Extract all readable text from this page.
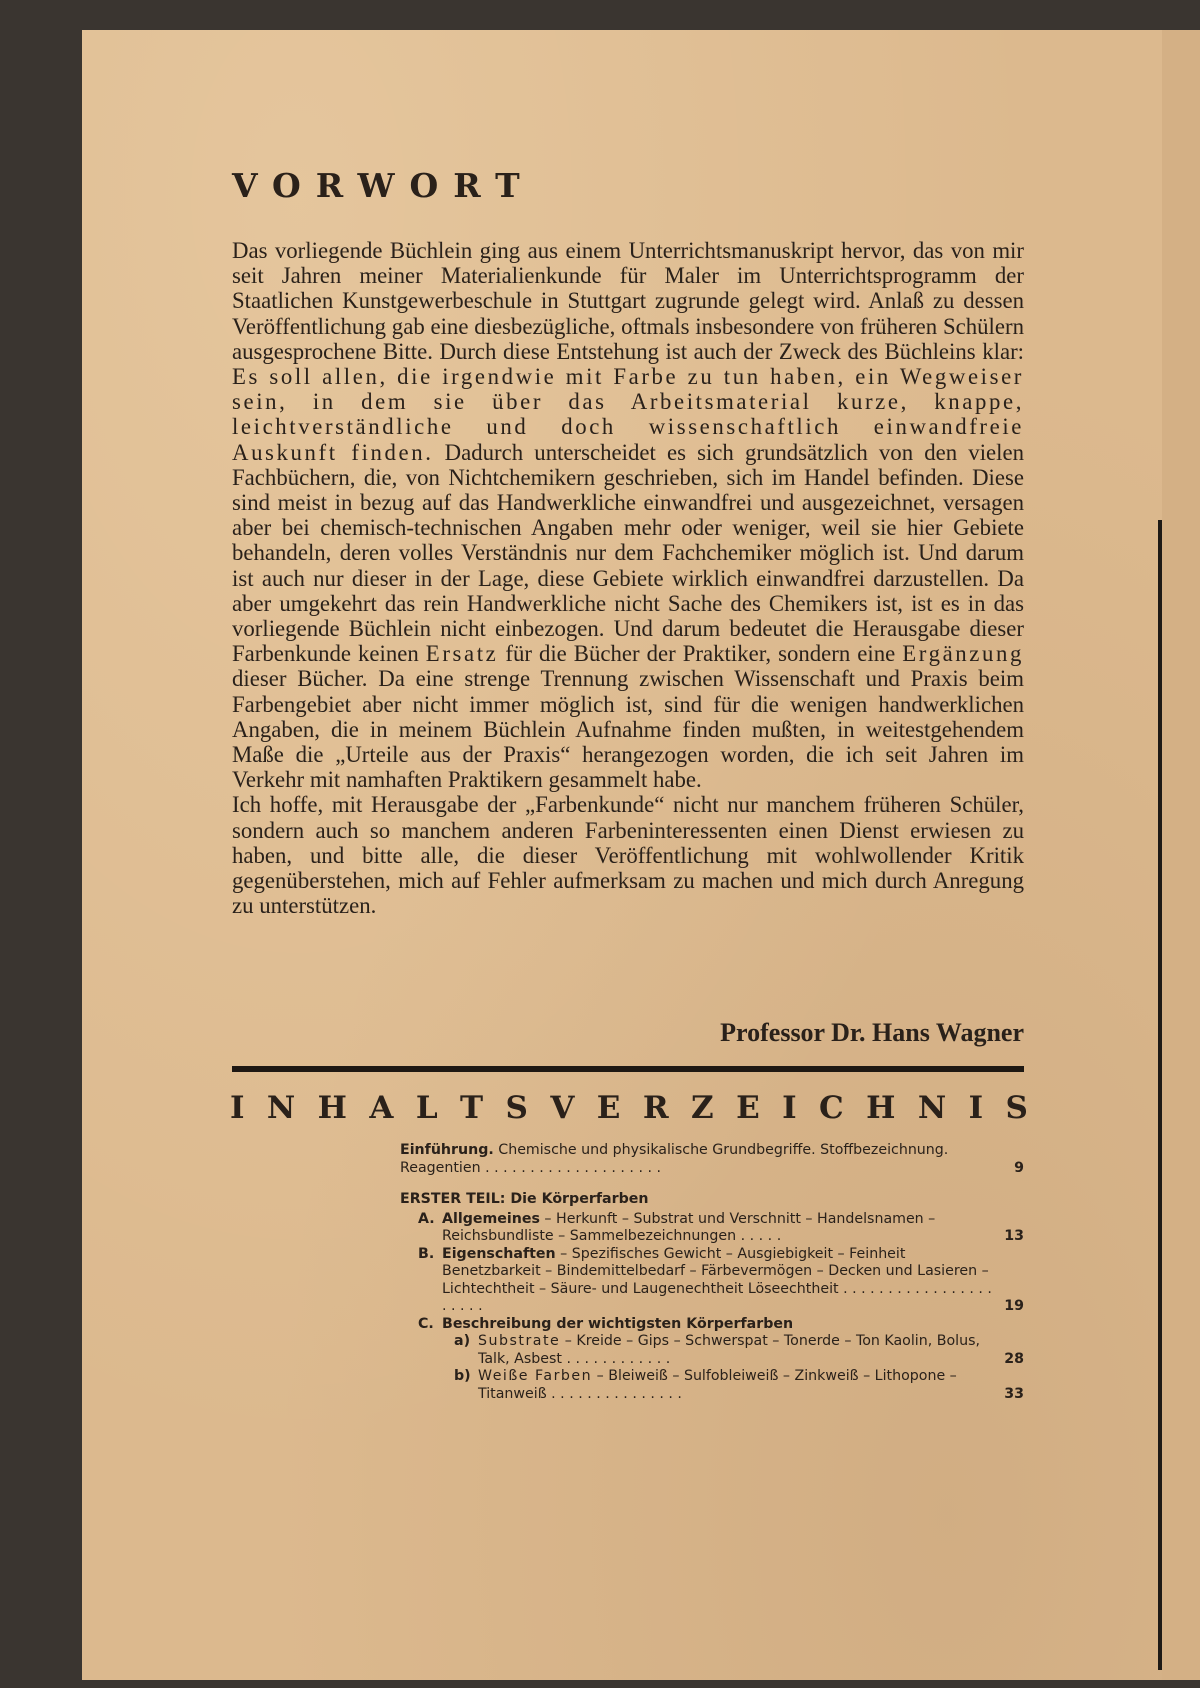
VORWORT

Das vorliegende Büchlein ging aus einem Unterrichtsmanuskript hervor, das von mir seit Jahren meiner Materialienkunde für Maler im Unterrichtsprogramm der Staatlichen Kunstgewerbeschule in Stuttgart zugrunde gelegt wird. Anlaß zu dessen Veröffentlichung gab eine diesbezügliche, oftmals insbesondere von früheren Schülern ausgesprochene Bitte. Durch diese Entstehung ist auch der Zweck des Büchleins klar: Es soll allen, die irgendwie mit Farbe zu tun haben, ein Wegweiser sein, in dem sie über das Arbeitsmaterial kurze, knappe, leichtverständliche und doch wissenschaftlich einwandfreie Auskunft finden. Dadurch unterscheidet es sich grundsätzlich von den vielen Fachbüchern, die, von Nichtchemikern geschrieben, sich im Handel befinden. Diese sind meist in bezug auf das Handwerkliche einwandfrei und ausgezeichnet, versagen aber bei chemisch-technischen Angaben mehr oder weniger, weil sie hier Gebiete behandeln, deren volles Verständnis nur dem Fachchemiker möglich ist. Und darum ist auch nur dieser in der Lage, diese Gebiete wirklich einwandfrei darzustellen. Da aber umgekehrt das rein Handwerkliche nicht Sache des Chemikers ist, ist es in das vorliegende Büchlein nicht einbezogen. Und darum bedeutet die Herausgabe dieser Farbenkunde keinen Ersatz für die Bücher der Praktiker, sondern eine Ergänzung dieser Bücher. Da eine strenge Trennung zwischen Wissenschaft und Praxis beim Farbengebiet aber nicht immer möglich ist, sind für die wenigen handwerklichen Angaben, die in meinem Büchlein Aufnahme finden mußten, in weitestgehendem Maße die „Urteile aus der Praxis“ herangezogen worden, die ich seit Jahren im Verkehr mit namhaften Praktikern gesammelt habe.

Ich hoffe, mit Herausgabe der „Farbenkunde“ nicht nur manchem früheren Schüler, sondern auch so manchem anderen Farbeninteressenten einen Dienst erwiesen zu haben, und bitte alle, die dieser Veröffentlichung mit wohlwollender Kritik gegenüberstehen, mich auf Fehler aufmerksam zu machen und mich durch Anregung zu unterstützen.

Professor Dr. Hans Wagner
I N H A L T S V E R Z E I C H N I S
Einführung. Chemische und physikalische Grundbegriffe. Stoffbezeichnung. Reagentien . . . . . . . . . . . . . . . . . . . .	9
ERSTER TEIL: Die Körperfarben
A. Allgemeines – Herkunft – Substrat und Verschnitt – Handelsnamen – Reichsbundliste – Sammelbezeichnungen . . . . .	13
B. Eigenschaften – Spezifisches Gewicht – Ausgiebigkeit – Feinheit Benetzbarkeit – Bindemittelbedarf – Färbevermögen – Decken und Lasieren – Lichtechtheit – Säure- und Laugenechtheit Löseechtheit . . . . . . . . . . . . . . . . . . . . . .	19
C. Beschreibung der wichtigsten Körperfarben
a) Substrate – Kreide – Gips – Schwerspat – Tonerde – Ton Kaolin, Bolus, Talk, Asbest . . . . . . . . . . . .	28
b) Weiße Farben – Bleiweiß – Sulfobleiweiß – Zinkweiß – Lithopone – Titanweiß . . . . . . . . . . . . . . .	33
